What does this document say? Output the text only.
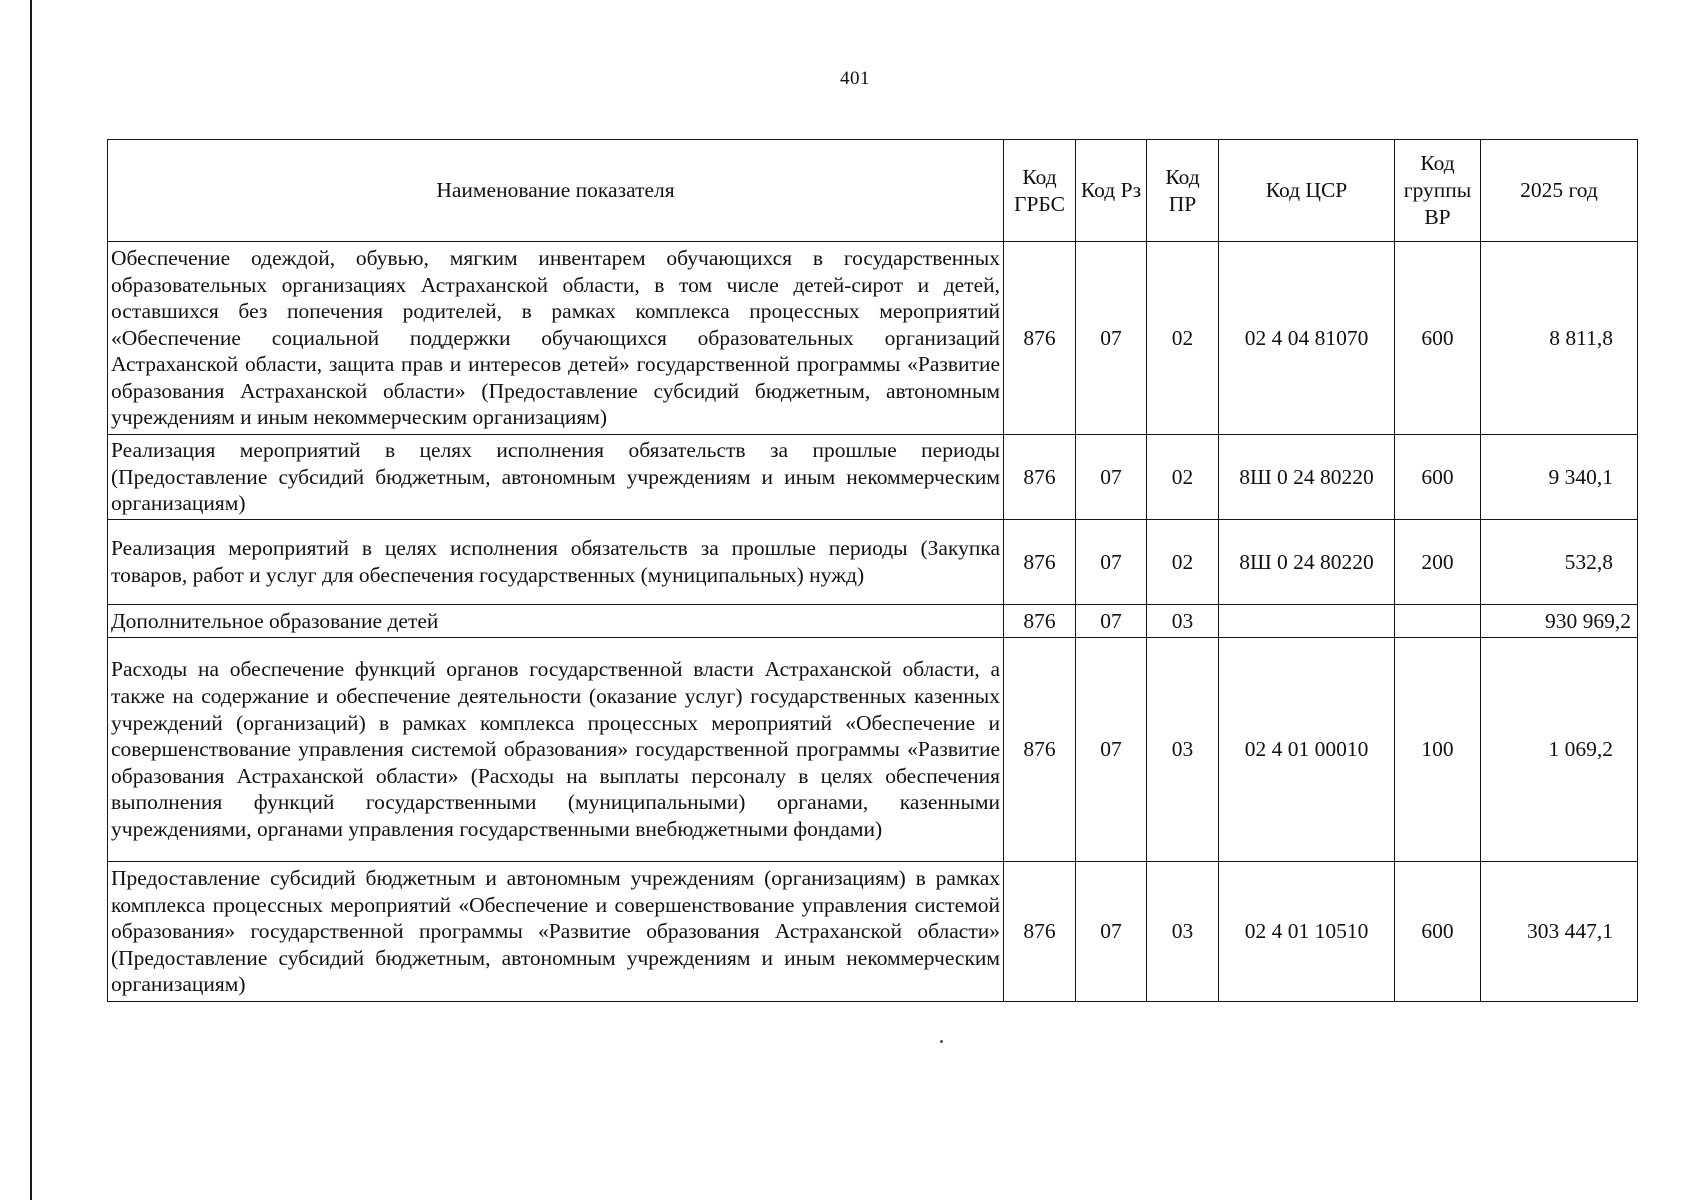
401
Наименование показателя	Код ГРБС	Код Рз	Код ПР	Код ЦСР	Код группы ВР	2025 год
Обеспечение одеждой, обувью, мягким инвентарем обучающихся в государственных образовательных организациях Астраханской области, в том числе детей-сирот и детей, оставшихся без попечения родителей, в рамках комплекса процессных мероприятий «Обеспечение социальной поддержки обучающихся образовательных организаций Астраханской области, защита прав и интересов детей» государственной программы «Развитие образования Астраханской области» (Предоставление субсидий бюджетным, автономным учреждениям и иным некоммерческим организациям)	876	07	02	02 4 04 81070	600	8 811,8
Реализация мероприятий в целях исполнения обязательств за прошлые периоды (Предоставление субсидий бюджетным, автономным учреждениям и иным некоммерческим организациям)	876	07	02	8Ш 0 24 80220	600	9 340,1
Реализация мероприятий в целях исполнения обязательств за прошлые периоды (Закупка товаров, работ и услуг для обеспечения государственных (муниципальных) нужд)	876	07	02	8Ш 0 24 80220	200	532,8
Дополнительное образование детей	876	07	03			930 969,2
Расходы на обеспечение функций органов государственной власти Астраханской области, а также на содержание и обеспечение деятельности (оказание услуг) государственных казенных учреждений (организаций) в рамках комплекса процессных мероприятий «Обеспечение и совершенствование управления системой образования» государственной программы «Развитие образования Астраханской области» (Расходы на выплаты персоналу в целях обеспечения выполнения функций государственными (муниципальными) органами, казенными учреждениями, органами управления государственными внебюджетными фондами)	876	07	03	02 4 01 00010	100	1 069,2
Предоставление субсидий бюджетным и автономным учреждениям (организациям) в рамках комплекса процессных мероприятий «Обеспечение и совершенствование управления системой образования» государственной программы «Развитие образования Астраханской области» (Предоставление субсидий бюджетным, автономным учреждениям и иным некоммерческим организациям)	876	07	03	02 4 01 10510	600	303 447,1
